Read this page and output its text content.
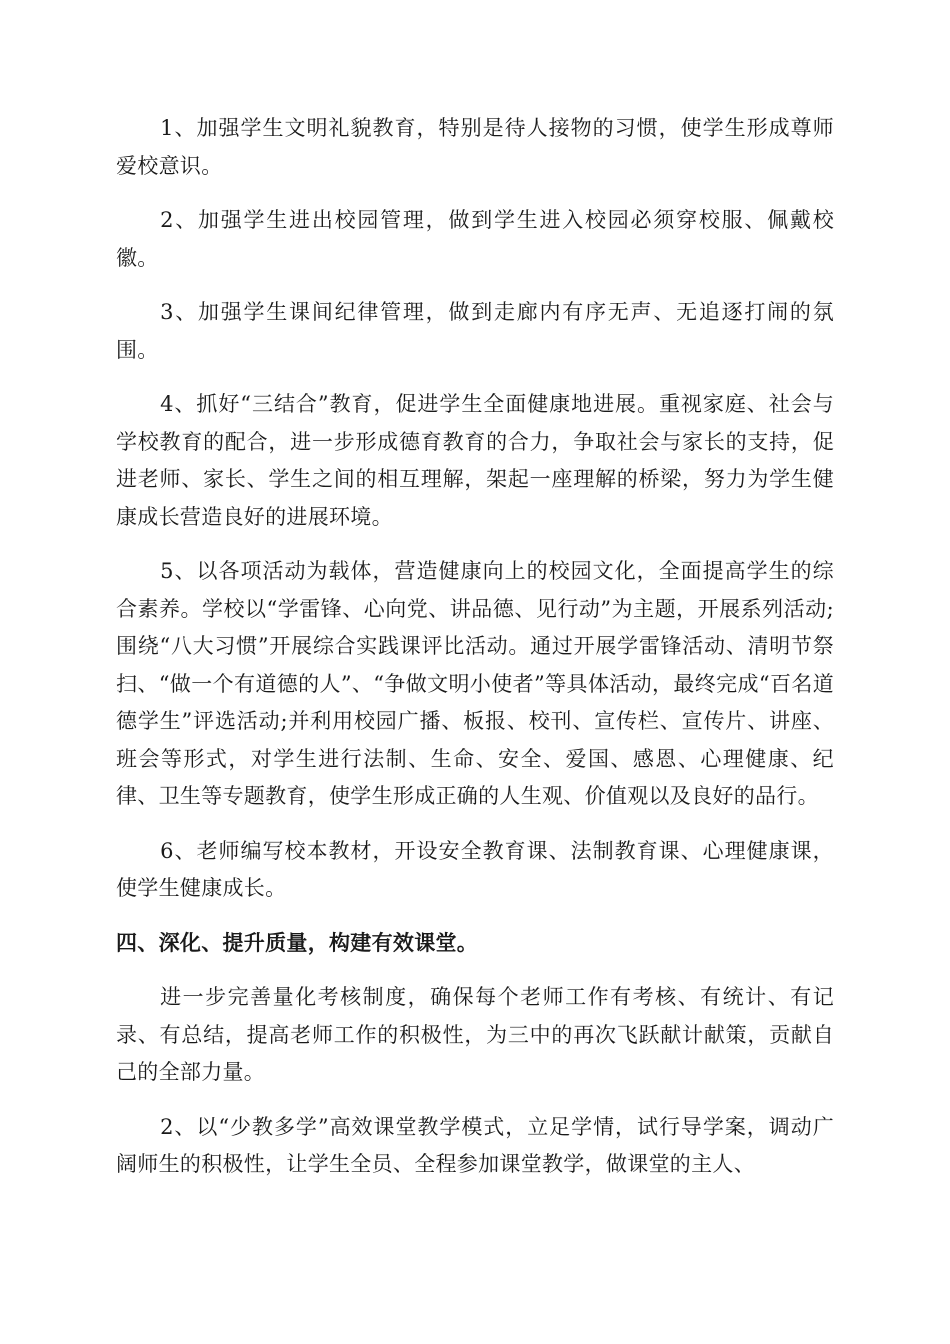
1、加强学生文明礼貌教育，特别是待人接物的习惯，使学生形成尊师爱校意识。

2、加强学生进出校园管理，做到学生进入校园必须穿校服、佩戴校徽。

3、加强学生课间纪律管理，做到走廊内有序无声、无追逐打闹的氛围。

4、抓好“三结合”教育，促进学生全面健康地进展。重视家庭、社会与学校教育的配合，进一步形成德育教育的合力，争取社会与家长的支持，促进老师、家长、学生之间的相互理解，架起一座理解的桥梁，努力为学生健康成长营造良好的进展环境。

5、以各项活动为载体，营造健康向上的校园文化，全面提高学生的综合素养。学校以“学雷锋、心向党、讲品德、见行动”为主题，开展系列活动;围绕“八大习惯”开展综合实践课评比活动。通过开展学雷锋活动、清明节祭扫、“做一个有道德的人”、“争做文明小使者”等具体活动，最终完成“百名道德学生”评选活动;并利用校园广播、板报、校刊、宣传栏、宣传片、讲座、班会等形式，对学生进行法制、生命、安全、爱国、感恩、心理健康、纪律、卫生等专题教育，使学生形成正确的人生观、价值观以及良好的品行。

6、老师编写校本教材，开设安全教育课、法制教育课、心理健康课，使学生健康成长。

四、深化、提升质量，构建有效课堂。

进一步完善量化考核制度，确保每个老师工作有考核、有统计、有记录、有总结，提高老师工作的积极性，为三中的再次飞跃献计献策，贡献自己的全部力量。

2、以“少教多学”高效课堂教学模式，立足学情，试行导学案，调动广阔师生的积极性，让学生全员、全程参加课堂教学，做课堂的主人、
